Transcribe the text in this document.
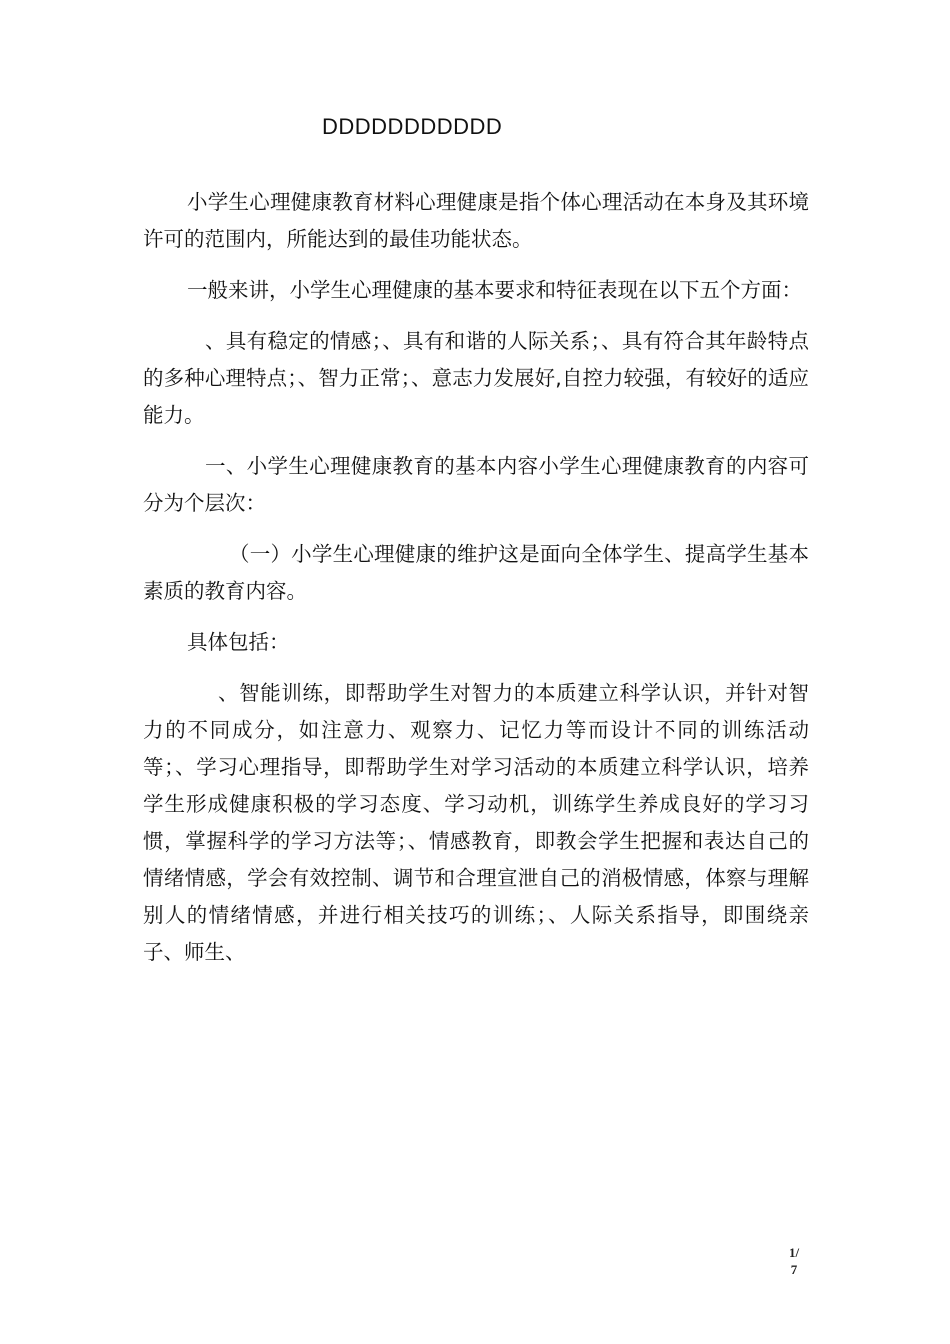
DDDDDDDDDDD

小学生心理健康教育材料心理健康是指个体心理活动在本身及其环境许可的范围内，所能达到的最佳功能状态。

一般来讲，小学生心理健康的基本要求和特征表现在以下五个方面：

、具有稳定的情感；、具有和谐的人际关系；、具有符合其年龄特点的多种心理特点；、智力正常；、意志力发展好,自控力较强，有较好的适应能力。

一、小学生心理健康教育的基本内容小学生心理健康教育的内容可分为个层次：

（一）小学生心理健康的维护这是面向全体学生、提高学生基本素质的教育内容。

具体包括：

、智能训练，即帮助学生对智力的本质建立科学认识，并针对智力的不同成分，如注意力、观察力、记忆力等而设计不同的训练活动等；、学习心理指导，即帮助学生对学习活动的本质建立科学认识，培养学生形成健康积极的学习态度、学习动机，训练学生养成良好的学习习惯，掌握科学的学习方法等；、情感教育，即教会学生把握和表达自己的情绪情感，学会有效控制、调节和合理宣泄自己的消极情感，体察与理解别人的情绪情感，并进行相关技巧的训练；、人际关系指导，即围绕亲子、师生、

1/
7
